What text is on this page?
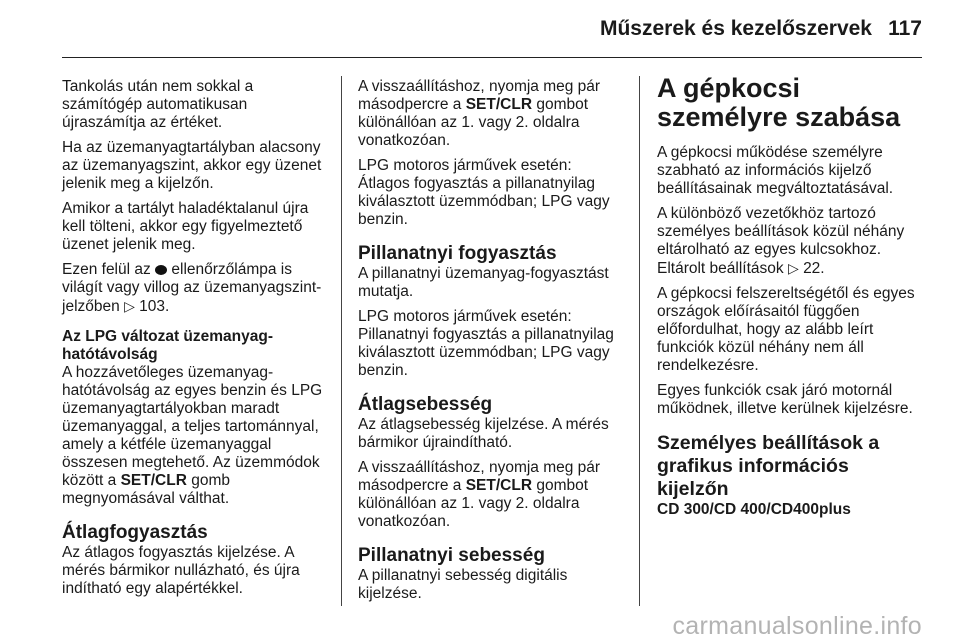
Műszerek és kezelőszervek 117

Tankolás után nem sokkal a számítógép automatikusan újraszámítja az értéket.

Ha az üzemanyagtartályban alacsony az üzemanyagszint, akkor egy üzenet jelenik meg a kijelzőn.

Amikor a tartályt haladéktalanul újra kell tölteni, akkor egy figyelmeztető üzenet jelenik meg.

Ezen felül az ellenőrzőlámpa is világít vagy villog az üzemanyagszint-jelzőben ▷ 103.

Az LPG változat üzemanyag-hatótávolság

A hozzávetőleges üzemanyag-hatótávolság az egyes benzin és LPG üzemanyagtartályokban maradt üzemanyaggal, a teljes tartománnyal, amely a kétféle üzemanyaggal összesen megtehető. Az üzemmódok között a SET/CLR gomb megnyomásával válthat.

Átlagfogyasztás

Az átlagos fogyasztás kijelzése. A mérés bármikor nullázható, és újra indítható egy alapértékkel.

A visszaállításhoz, nyomja meg pár másodpercre a SET/CLR gombot különállóan az 1. vagy 2. oldalra vonatkozóan.

LPG motoros járművek esetén: Átlagos fogyasztás a pillanatnyilag kiválasztott üzemmódban; LPG vagy benzin.

Pillanatnyi fogyasztás

A pillanatnyi üzemanyag-fogyasztást mutatja.

LPG motoros járművek esetén: Pillanatnyi fogyasztás a pillanatnyilag kiválasztott üzemmódban; LPG vagy benzin.

Átlagsebesség

Az átlagsebesség kijelzése. A mérés bármikor újraindítható.

A visszaállításhoz, nyomja meg pár másodpercre a SET/CLR gombot különállóan az 1. vagy 2. oldalra vonatkozóan.

Pillanatnyi sebesség

A pillanatnyi sebesség digitális kijelzése.

A gépkocsi személyre szabása

A gépkocsi működése személyre szabható az információs kijelző beállításainak megváltoztatásával.

A különböző vezetőkhöz tartozó személyes beállítások közül néhány eltárolható az egyes kulcsokhoz. Eltárolt beállítások ▷ 22.

A gépkocsi felszereltségétől és egyes országok előírásaitól függően előfordulhat, hogy az alább leírt funkciók közül néhány nem áll rendelkezésre.

Egyes funkciók csak járó motornál működnek, illetve kerülnek kijelzésre.

Személyes beállítások a grafikus információs kijelzőn
CD 300/CD 400/CD400plus
carmanualsonline.info
